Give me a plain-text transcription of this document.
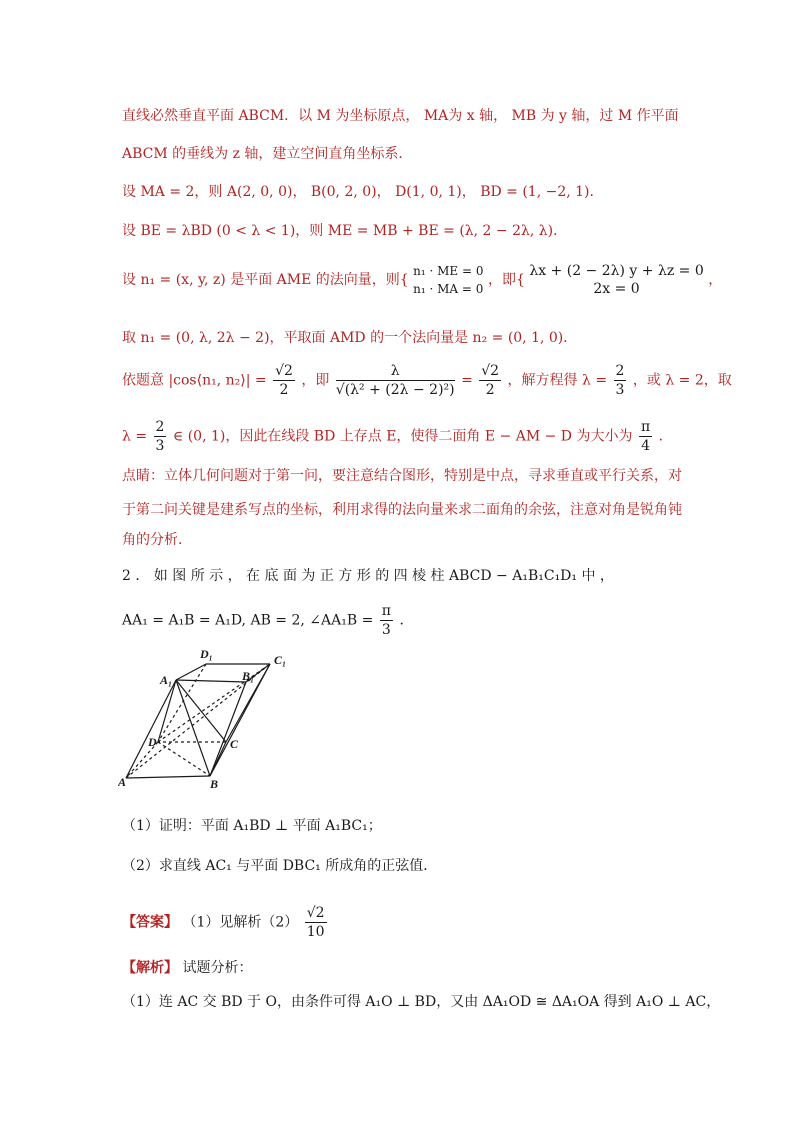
直线必然垂直平面 ABCM．以 M 为坐标原点， MA为 x 轴， MB 为 y 轴，过 M 作平面
ABCM 的垂线为 z 轴，建立空间直角坐标系．
设 MA = 2，则 A(2, 0, 0)， B(0, 2, 0)， D(1, 0, 1)， BD = (1, −2, 1)．
设 BE = λBD (0 < λ < 1)，则 ME = MB + BE = (λ, 2 − 2λ, λ)．
设 n₁ = (x, y, z) 是平面 AME 的法向量，则{
n₁ · ME = 0
n₁ · MA = 0
，即{
λx + (2 − 2λ) y + λz = 0
2x = 0
，
取 n₁ = (0, λ, 2λ − 2)，平取面 AMD 的一个法向量是 n₂ = (0, 1, 0)．
依题意 |cos⟨n₁, n₂⟩| = $\frac{√2}{2}$ ，即 $\frac{\lambda}{\text{√(λ² + (2λ − 2)²)}} = \frac{√2}{2}$ ，解方程得 $\lambda = \frac{2}{3}$ ，或 λ = 2，取
$\lambda = \frac{2}{3}$ ∈ (0, 1)，因此在线段 BD 上存点 E，使得二面角 E − AM − D 为大小为 $\frac{\pi}{4}$ ．
点睛：立体几何问题对于第一问，要注意结合图形，特别是中点，寻求垂直或平行关系，对
于第二问关键是建系写点的坐标，利用求得的法向量来求二面角的余弦，注意对角是锐角钝
角的分析．
2 ． 如 图 所 示 ， 在 底 面 为 正 方 形 的 四 棱 柱 ABCD − A₁B₁C₁D₁ 中 ，
AA₁ = A₁B = A₁D, AB = 2, ∠AA₁B = $\frac{\pi}{3}$ ．
D₁	C₁
A₁	B₁
D	C
A	B
（1）证明：平面 A₁BD ⊥ 平面 A₁BC₁；
（2）求直线 AC₁ 与平面 DBC₁ 所成角的正弦值．
【答案】 （1）见解析$(2) \frac{√2}{10}$
【解析】 试题分析：
（1）连 AC 交 BD 于 O，由条件可得 A₁O ⊥ BD，又由 ΔA₁OD ≅ ΔA₁OA 得到 A₁O ⊥ AC，
